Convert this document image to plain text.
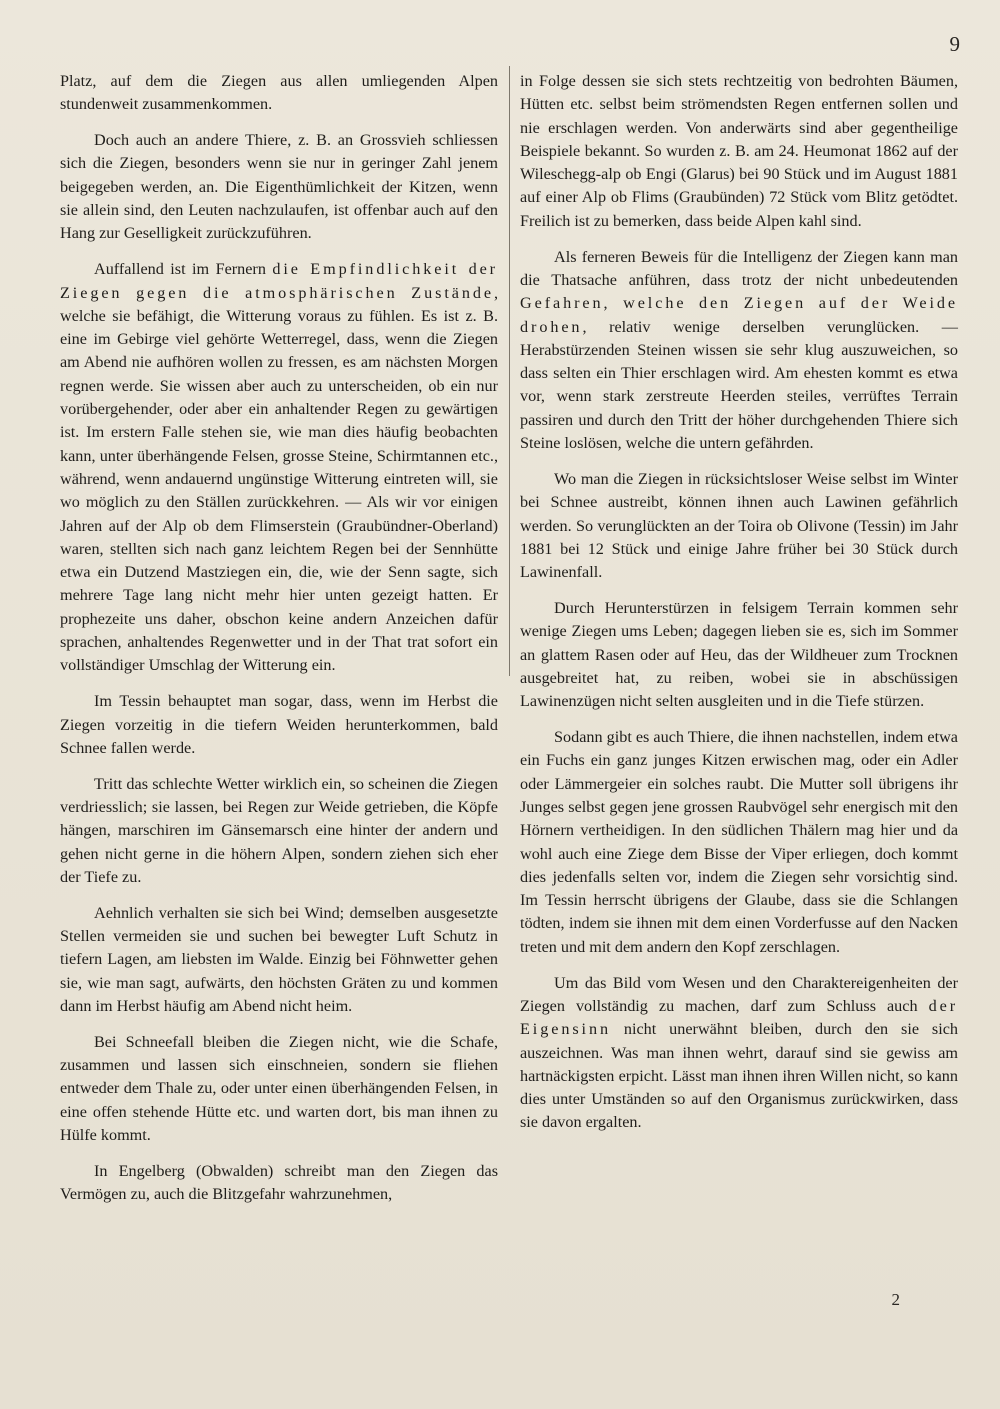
9

Platz, auf dem die Ziegen aus allen umliegenden Alpen stundenweit zusammenkommen.

Doch auch an andere Thiere, z. B. an Grossvieh schliessen sich die Ziegen, besonders wenn sie nur in geringer Zahl jenem beigegeben werden, an. Die Eigenthümlichkeit der Kitzen, wenn sie allein sind, den Leuten nachzulaufen, ist offenbar auch auf den Hang zur Geselligkeit zurückzuführen.

Auffallend ist im Fernern die Empfindlichkeit der Ziegen gegen die atmosphärischen Zustände, welche sie befähigt, die Witterung voraus zu fühlen. Es ist z. B. eine im Gebirge viel gehörte Wetterregel, dass, wenn die Ziegen am Abend nie aufhören wollen zu fressen, es am nächsten Morgen regnen werde. Sie wissen aber auch zu unterscheiden, ob ein nur vorübergehender, oder aber ein anhaltender Regen zu gewärtigen ist. Im erstern Falle stehen sie, wie man dies häufig beobachten kann, unter überhängende Felsen, grosse Steine, Schirmtannen etc., während, wenn andauernd ungünstige Witterung eintreten will, sie wo möglich zu den Ställen zurückkehren. — Als wir vor einigen Jahren auf der Alp ob dem Flimserstein (Graubündner-Oberland) waren, stellten sich nach ganz leichtem Regen bei der Sennhütte etwa ein Dutzend Mastziegen ein, die, wie der Senn sagte, sich mehrere Tage lang nicht mehr hier unten gezeigt hatten. Er prophezeite uns daher, obschon keine andern Anzeichen dafür sprachen, anhaltendes Regenwetter und in der That trat sofort ein vollständiger Umschlag der Witterung ein.

Im Tessin behauptet man sogar, dass, wenn im Herbst die Ziegen vorzeitig in die tiefern Weiden herunterkommen, bald Schnee fallen werde.

Tritt das schlechte Wetter wirklich ein, so scheinen die Ziegen verdriesslich; sie lassen, bei Regen zur Weide getrieben, die Köpfe hängen, marschiren im Gänsemarsch eine hinter der andern und gehen nicht gerne in die höhern Alpen, sondern ziehen sich eher der Tiefe zu.

Aehnlich verhalten sie sich bei Wind; demselben ausgesetzte Stellen vermeiden sie und suchen bei bewegter Luft Schutz in tiefern Lagen, am liebsten im Walde. Einzig bei Föhnwetter gehen sie, wie man sagt, aufwärts, den höchsten Gräten zu und kommen dann im Herbst häufig am Abend nicht heim.

Bei Schneefall bleiben die Ziegen nicht, wie die Schafe, zusammen und lassen sich einschneien, sondern sie fliehen entweder dem Thale zu, oder unter einen überhängenden Felsen, in eine offen stehende Hütte etc. und warten dort, bis man ihnen zu Hülfe kommt.

In Engelberg (Obwalden) schreibt man den Ziegen das Vermögen zu, auch die Blitzgefahr wahrzunehmen,

in Folge dessen sie sich stets rechtzeitig von bedrohten Bäumen, Hütten etc. selbst beim strömendsten Regen entfernen sollen und nie erschlagen werden. Von anderwärts sind aber gegentheilige Beispiele bekannt. So wurden z. B. am 24. Heumonat 1862 auf der Wileschegg-alp ob Engi (Glarus) bei 90 Stück und im August 1881 auf einer Alp ob Flims (Graubünden) 72 Stück vom Blitz getödtet. Freilich ist zu bemerken, dass beide Alpen kahl sind.

Als ferneren Beweis für die Intelligenz der Ziegen kann man die Thatsache anführen, dass trotz der nicht unbedeutenden Gefahren, welche den Ziegen auf der Weide drohen, relativ wenige derselben verunglücken. — Herabstürzenden Steinen wissen sie sehr klug auszuweichen, so dass selten ein Thier erschlagen wird. Am ehesten kommt es etwa vor, wenn stark zerstreute Heerden steiles, verrüftes Terrain passiren und durch den Tritt der höher durchgehenden Thiere sich Steine loslösen, welche die untern gefährden.

Wo man die Ziegen in rücksichtsloser Weise selbst im Winter bei Schnee austreibt, können ihnen auch Lawinen gefährlich werden. So verunglückten an der Toira ob Olivone (Tessin) im Jahr 1881 bei 12 Stück und einige Jahre früher bei 30 Stück durch Lawinenfall.

Durch Herunterstürzen in felsigem Terrain kommen sehr wenige Ziegen ums Leben; dagegen lieben sie es, sich im Sommer an glattem Rasen oder auf Heu, das der Wildheuer zum Trocknen ausgebreitet hat, zu reiben, wobei sie in abschüssigen Lawinenzügen nicht selten ausgleiten und in die Tiefe stürzen.

Sodann gibt es auch Thiere, die ihnen nachstellen, indem etwa ein Fuchs ein ganz junges Kitzen erwischen mag, oder ein Adler oder Lämmergeier ein solches raubt. Die Mutter soll übrigens ihr Junges selbst gegen jene grossen Raubvögel sehr energisch mit den Hörnern vertheidigen. In den südlichen Thälern mag hier und da wohl auch eine Ziege dem Bisse der Viper erliegen, doch kommt dies jedenfalls selten vor, indem die Ziegen sehr vorsichtig sind. Im Tessin herrscht übrigens der Glaube, dass sie die Schlangen tödten, indem sie ihnen mit dem einen Vorderfusse auf den Nacken treten und mit dem andern den Kopf zerschlagen.

Um das Bild vom Wesen und den Charaktereigenheiten der Ziegen vollständig zu machen, darf zum Schluss auch der Eigensinn nicht unerwähnt bleiben, durch den sie sich auszeichnen. Was man ihnen wehrt, darauf sind sie gewiss am hartnäckigsten erpicht. Lässt man ihnen ihren Willen nicht, so kann dies unter Umständen so auf den Organismus zurückwirken, dass sie davon ergalten.

2
